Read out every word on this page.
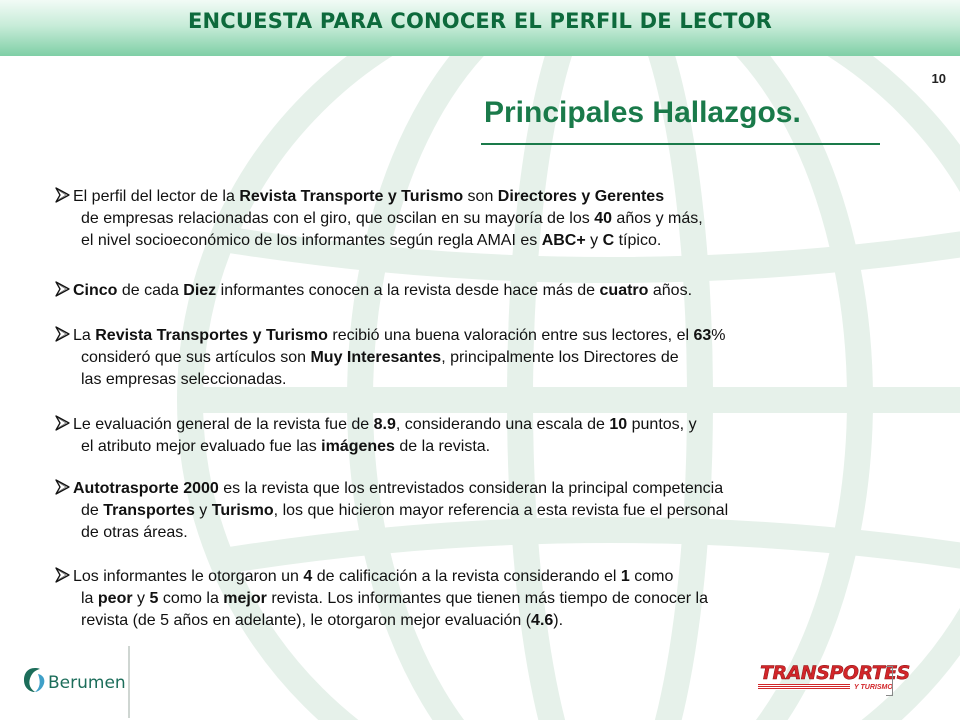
ENCUESTA PARA CONOCER EL PERFIL DE LECTOR
10
Principales Hallazgos.
El perfil del lector de la Revista Transporte y Turismo son Directores y Gerentes
de empresas relacionadas con el giro, que oscilan en su mayoría de los 40 años y más,
el nivel socioeconómico de los informantes según regla AMAI es ABC+ y C típico.
Cinco de cada Diez informantes conocen a la revista desde hace más de cuatro años.
La Revista Transportes y Turismo recibió una buena valoración entre sus lectores, el 63%
consideró que sus artículos son Muy Interesantes, principalmente los Directores de
las empresas seleccionadas.
Le evaluación general de la revista fue de 8.9, considerando una escala de 10 puntos, y
el atributo mejor evaluado fue las imágenes de la revista.
Autotrasporte 2000 es la revista que los entrevistados consideran la principal competencia
de Transportes y Turismo, los que hicieron mayor referencia a esta revista fue el personal
de otras áreas.
Los informantes le otorgaron un 4 de calificación a la revista considerando el 1 como
la peor y 5 como la mejor revista. Los informantes que tienen más tiempo de conocer la
revista (de 5 años en adelante), le otorgaron mejor evaluación (4.6).
Berumen	TRANSPORTES
Y TURISMO
